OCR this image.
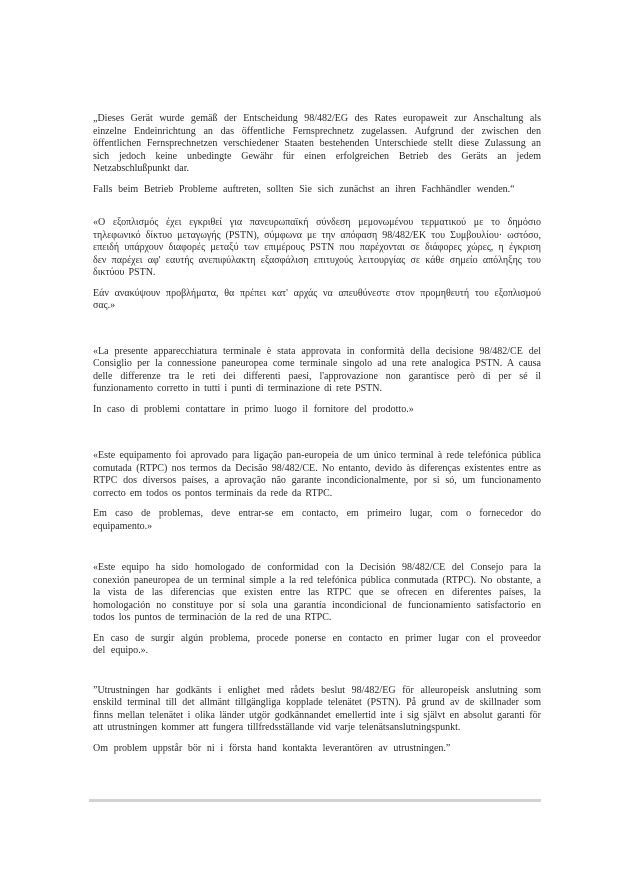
„Dieses Gerät wurde gemäß der Entscheidung 98/482/EG des Rates europaweit zur Anschaltung als einzelne Endeinrichtung an das öffentliche Fernsprechnetz zugelassen. Aufgrund der zwischen den öffentlichen Fernsprechnetzen verschiedener Staaten bestehenden Unterschiede stellt diese Zulassung an sich jedoch keine unbedingte Gewähr für einen erfolgreichen Betrieb des Geräts an jedem Netzabschlußpunkt dar.

Falls beim Betrieb Probleme auftreten, sollten Sie sich zunächst an ihren Fachhändler wenden.“

«Ο εξοπλισμός έχει εγκριθεί για πανευρωπαϊκή σύνδεση μεμονωμένου τερματικού με το δημόσιο τηλεφωνικό δίκτυο μεταγωγής (PSTN), σύμφωνα με την απόφαση 98/482/ΕΚ του Συμβουλίου· ωστόσο, επειδή υπάρχουν διαφορές μεταξύ των επιμέρους PSTN που παρέχονται σε διάφορες χώρες, η έγκριση δεν παρέχει αφ' εαυτής ανεπιφύλακτη εξασφάλιση επιτυχούς λειτουργίας σε κάθε σημείο απόληξης του δικτύου PSTN.

Εάν ανακύψουν προβλήματα, θα πρέπει κατ' αρχάς να απευθύνεστε στον προμηθευτή του εξοπλισμού σας.»

«La presente apparecchiatura terminale è stata approvata in conformità della decisione 98/482/CE del Consiglio per la connessione paneuropea come terminale singolo ad una rete analogica PSTN. A causa delle differenze tra le reti dei differenti paesi, l'approvazione non garantisce però di per sé il funzionamento corretto in tutti i punti di terminazione di rete PSTN.

In caso di problemi contattare in primo luogo il fornitore del prodotto.»

«Este equipamento foi aprovado para ligação pan-europeia de um único terminal à rede telefónica pública comutada (RTPC) nos termos da Decisão 98/482/CE. No entanto, devido às diferenças existentes entre as RTPC dos diversos países, a aprovação não garante incondicionalmente, por si só, um funcionamento correcto em todos os pontos terminais da rede da RTPC.

Em caso de problemas, deve entrar-se em contacto, em primeiro lugar, com o fornecedor do equipamento.»

«Este equipo ha sido homologado de conformidad con la Decisión 98/482/CE del Consejo para la conexión paneuropea de un terminal simple a la red telefónica pública conmutada (RTPC). No obstante, a la vista de las diferencias que existen entre las RTPC que se ofrecen en diferentes países, la homologación no constituye por sí sola una garantía incondicional de funcionamiento satisfactorio en todos los puntos de terminación de la red de una RTPC.

En caso de surgir algún problema, procede ponerse en contacto en primer lugar con el proveedor del equipo.».

”Utrustningen har godkänts i enlighet med rådets beslut 98/482/EG för alleuropeisk anslutning som enskild terminal till det allmänt tillgängliga kopplade telenätet (PSTN). På grund av de skillnader som finns mellan telenätet i olika länder utgör godkännandet emellertid inte i sig självt en absolut garanti för att utrustningen kommer att fungera tillfredsställande vid varje telenätsanslutningspunkt.

Om problem uppstår bör ni i första hand kontakta leverantören av utrustningen.”
